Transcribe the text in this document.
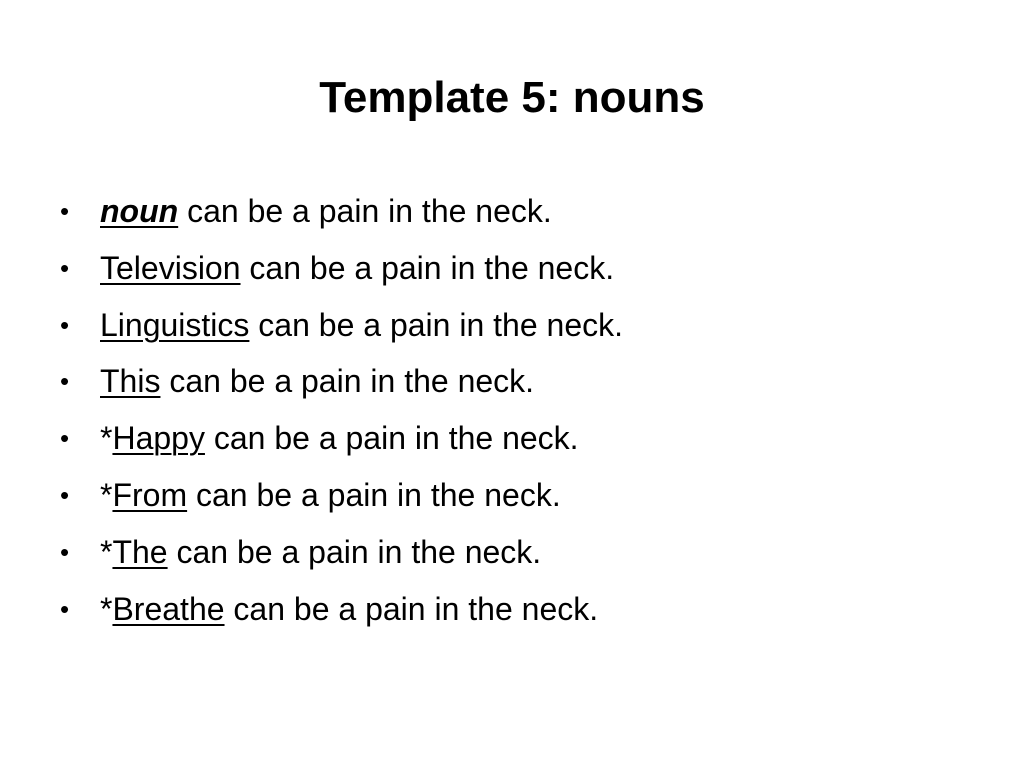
Template 5: nouns
• noun can be a pain in the neck.
• Television can be a pain in the neck.
• Linguistics can be a pain in the neck.
• This can be a pain in the neck.
• *Happy can be a pain in the neck.
• *From can be a pain in the neck.
• *The can be a pain in the neck.
• *Breathe can be a pain in the neck.
